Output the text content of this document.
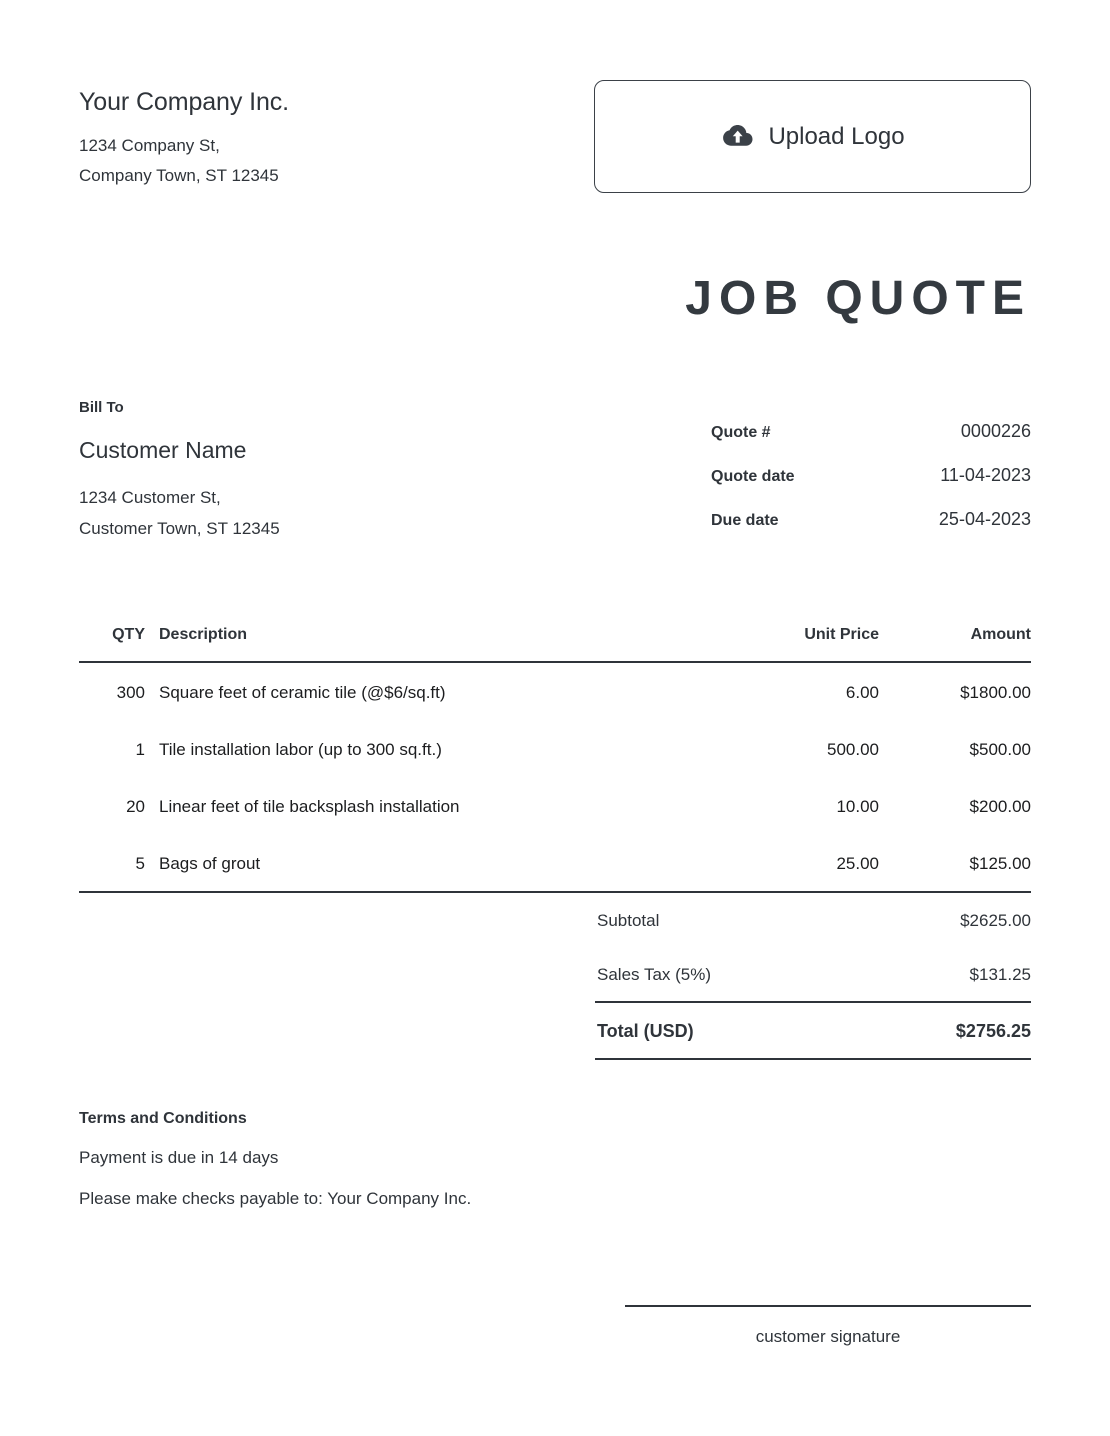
Your Company Inc.
1234 Company St,
Company Town, ST 12345
Upload Logo
JOB QUOTE
Bill To
Customer Name
1234 Customer St,
Customer Town, ST 12345
Quote #	0000226
Quote date	11-04-2023
Due date	25-04-2023
QTY	Description	Unit Price	Amount
300	Square feet of ceramic tile (@$6/sq.ft)	6.00	$1800.00
1	Tile installation labor (up to 300 sq.ft.)	500.00	$500.00
20	Linear feet of tile backsplash installation	10.00	$200.00
5	Bags of grout	25.00	$125.00
Subtotal	$2625.00
Sales Tax (5%)	$131.25
Total (USD)	$2756.25
Terms and Conditions
Payment is due in 14 days
Please make checks payable to: Your Company Inc.
customer signature
